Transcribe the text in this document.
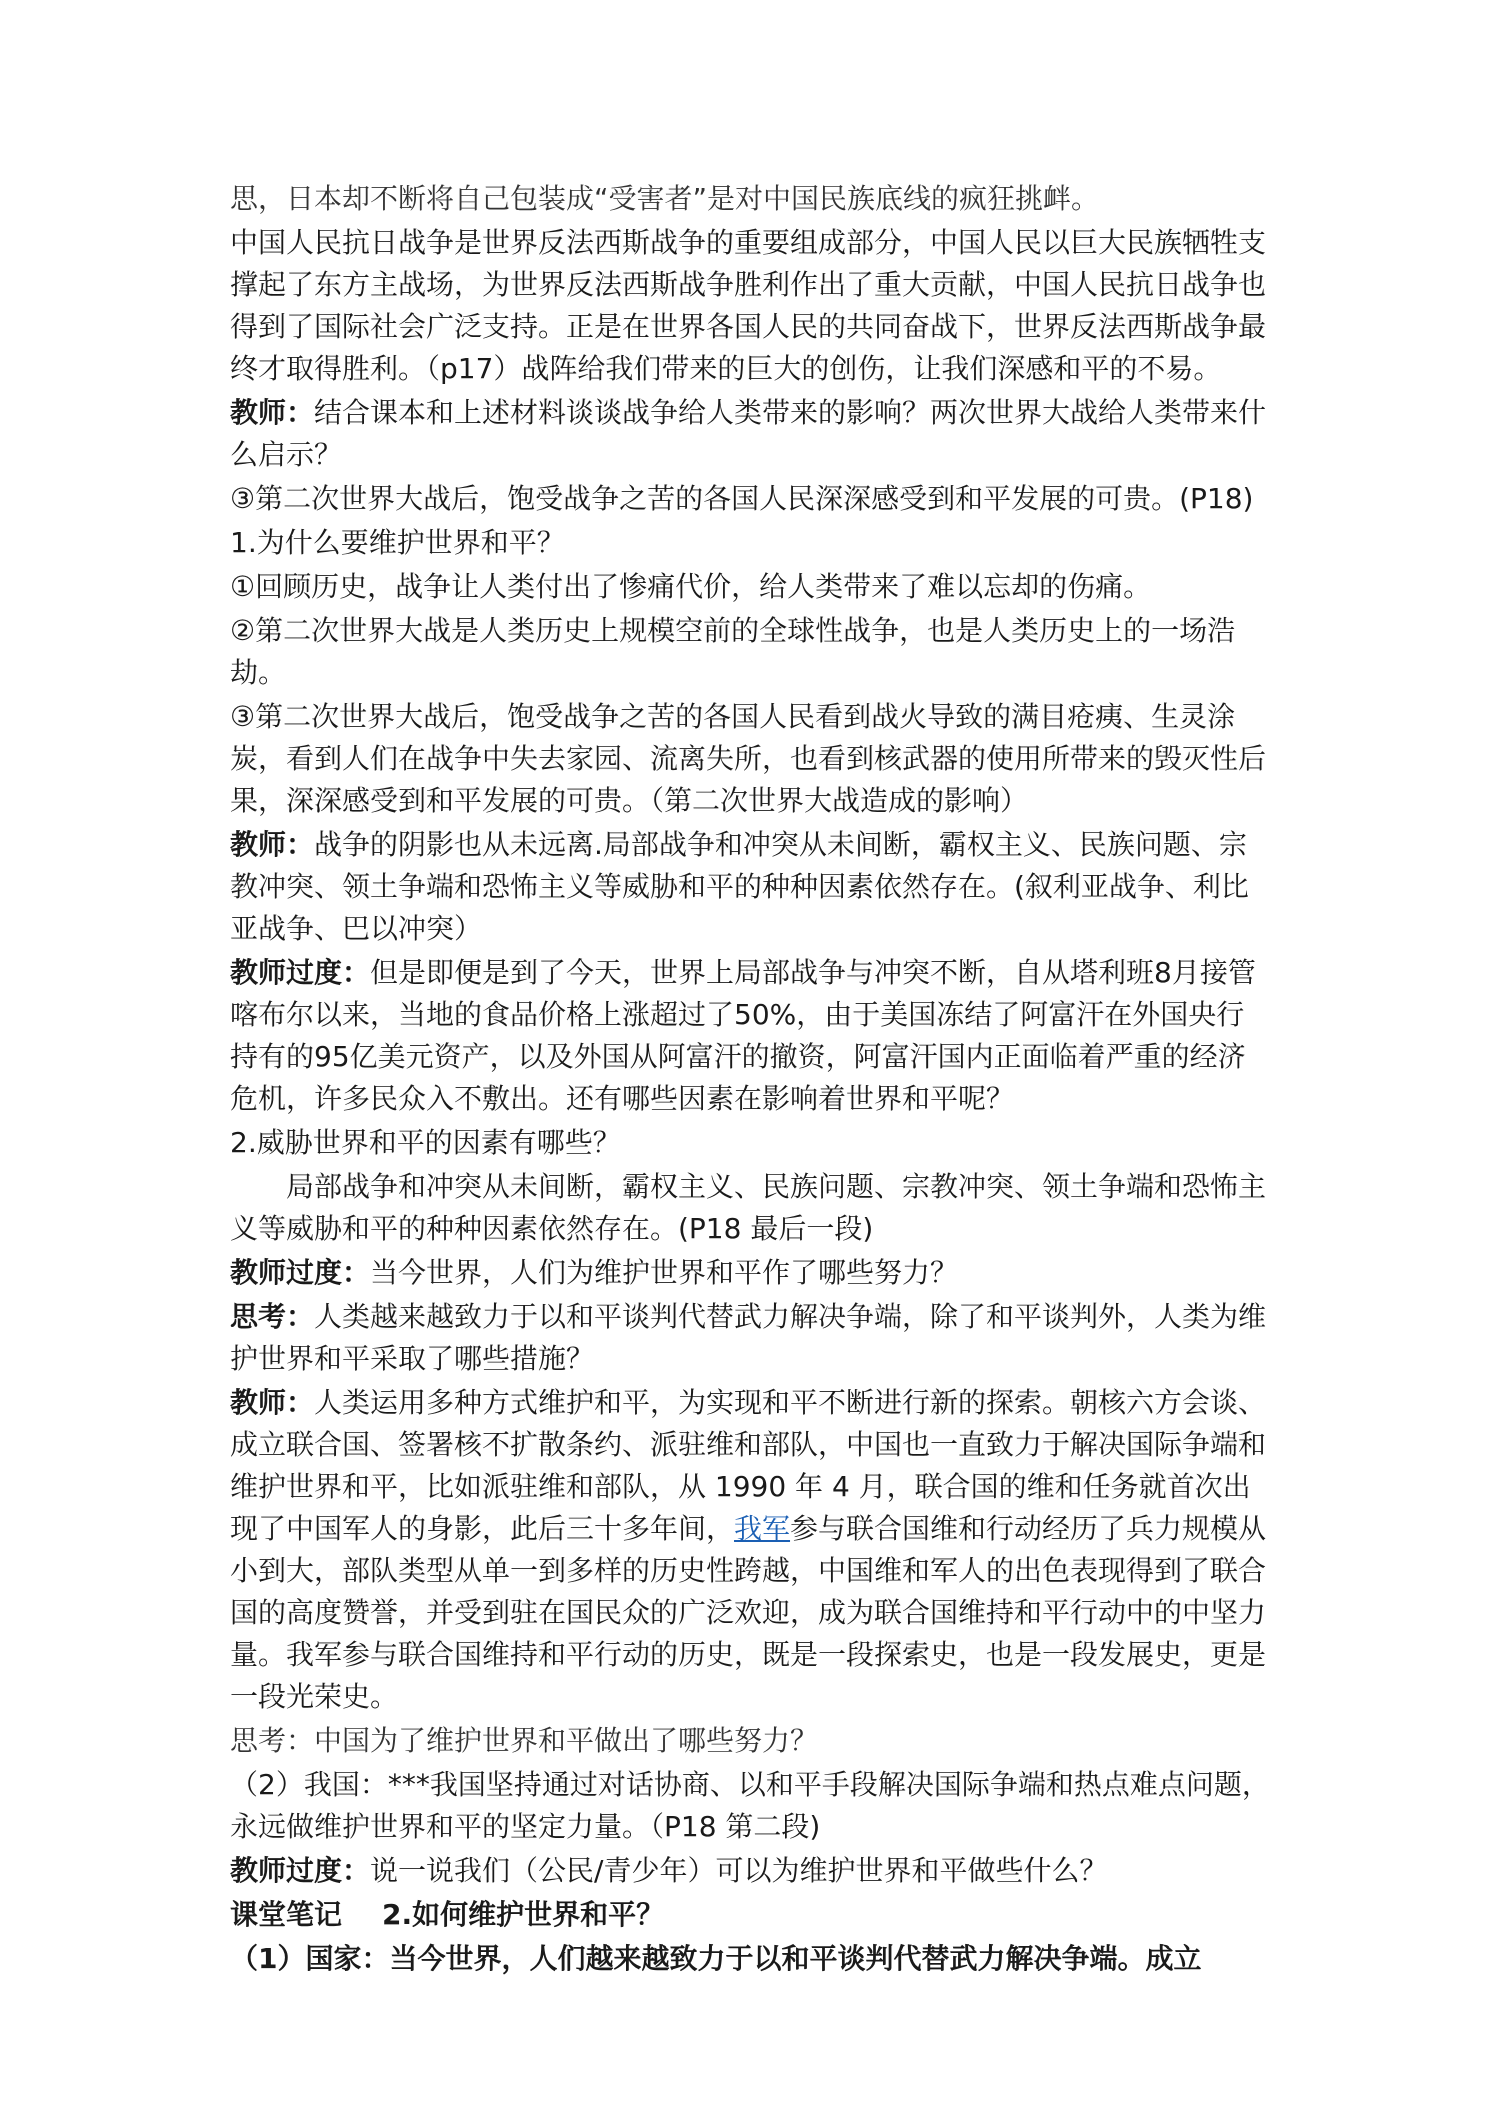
思，日本却不断将自己包装成“受害者”是对中国民族底线的疯狂挑衅。

中国人民抗日战争是世界反法西斯战争的重要组成部分，中国人民以巨大民族牺牲支撑起了东方主战场，为世界反法西斯战争胜利作出了重大贡献，中国人民抗日战争也得到了国际社会广泛支持。正是在世界各国人民的共同奋战下，世界反法西斯战争最终才取得胜利。（p17）战阵给我们带来的巨大的创伤，让我们深感和平的不易。

教师：结合课本和上述材料谈谈战争给人类带来的影响？两次世界大战给人类带来什么启示？

③第二次世界大战后，饱受战争之苦的各国人民深深感受到和平发展的可贵。(P18)

1.为什么要维护世界和平？

①回顾历史，战争让人类付出了惨痛代价，给人类带来了难以忘却的伤痛。

②第二次世界大战是人类历史上规模空前的全球性战争，也是人类历史上的一场浩劫。

③第二次世界大战后，饱受战争之苦的各国人民看到战火导致的满目疮痍、生灵涂炭，看到人们在战争中失去家园、流离失所，也看到核武器的使用所带来的毁灭性后果，深深感受到和平发展的可贵。（第二次世界大战造成的影响）

教师：战争的阴影也从未远离.局部战争和冲突从未间断，霸权主义、民族问题、宗教冲突、领土争端和恐怖主义等威胁和平的种种因素依然存在。(叙利亚战争、利比亚战争、巴以冲突）

教师过度：但是即便是到了今天，世界上局部战争与冲突不断，自从塔利班8月接管喀布尔以来，当地的食品价格上涨超过了50%，由于美国冻结了阿富汗在外国央行持有的95亿美元资产，以及外国从阿富汗的撤资，阿富汗国内正面临着严重的经济危机，许多民众入不敷出。还有哪些因素在影响着世界和平呢？

2.威胁世界和平的因素有哪些？

局部战争和冲突从未间断，霸权主义、民族问题、宗教冲突、领土争端和恐怖主义等威胁和平的种种因素依然存在。(P18 最后一段)

教师过度：当今世界，人们为维护世界和平作了哪些努力？

思考：人类越来越致力于以和平谈判代替武力解决争端，除了和平谈判外，人类为维护世界和平采取了哪些措施？

教师：人类运用多种方式维护和平，为实现和平不断进行新的探索。朝核六方会谈、成立联合国、签署核不扩散条约、派驻维和部队，中国也一直致力于解决国际争端和维护世界和平，比如派驻维和部队，从 1990 年 4 月，联合国的维和任务就首次出现了中国军人的身影，此后三十多年间，我军参与联合国维和行动经历了兵力规模从小到大，部队类型从单一到多样的历史性跨越，中国维和军人的出色表现得到了联合国的高度赞誉，并受到驻在国民众的广泛欢迎，成为联合国维持和平行动中的中坚力量。我军参与联合国维持和平行动的历史，既是一段探索史，也是一段发展史，更是一段光荣史。

思考：中国为了维护世界和平做出了哪些努力？

（2）我国：***我国坚持通过对话协商、以和平手段解决国际争端和热点难点问题，永远做维护世界和平的坚定力量。（P18 第二段)

教师过度：说一说我们（公民/青少年）可以为维护世界和平做些什么？

课堂笔记 2.如何维护世界和平？

（1）国家：当今世界，人们越来越致力于以和平谈判代替武力解决争端。成立
